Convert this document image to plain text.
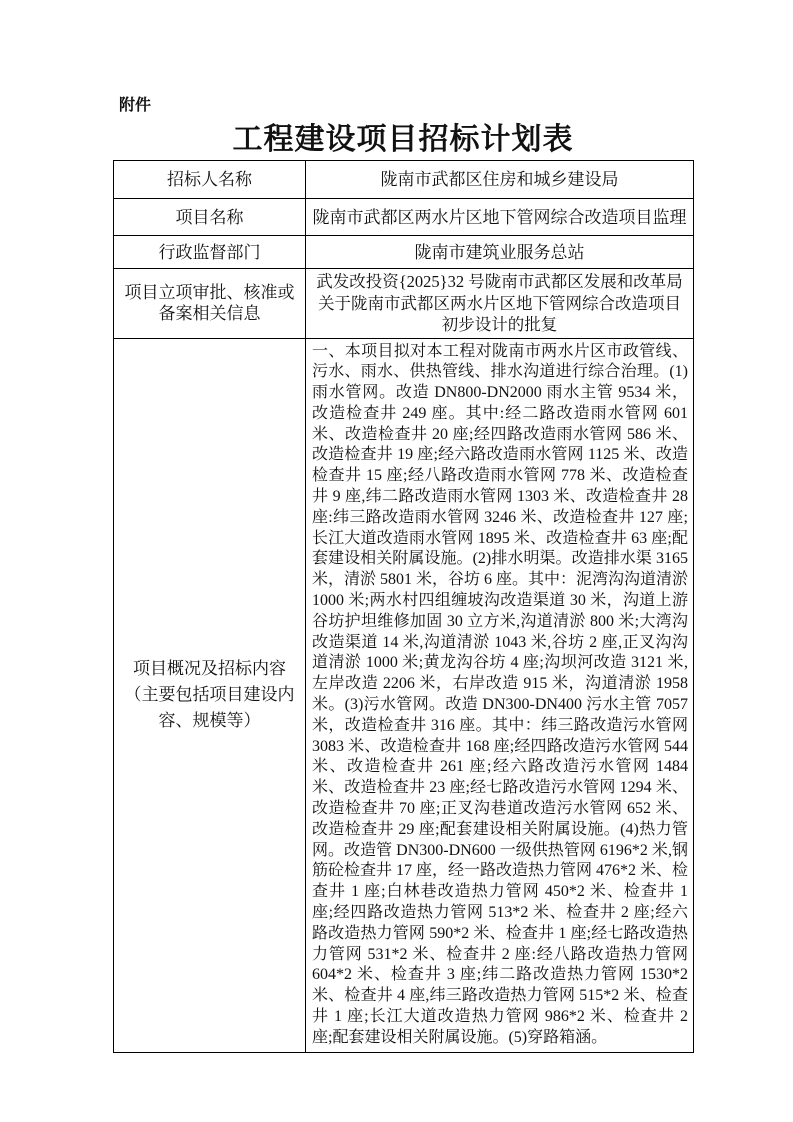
附件
工程建设项目招标计划表
招标人名称	陇南市武都区住房和城乡建设局
项目名称	陇南市武都区两水片区地下管网综合改造项目监理
行政监督部门	陇南市建筑业服务总站
项目立项审批、核准或备案相关信息	武发改投资{2025}32 号陇南市武都区发展和改革局关于陇南市武都区两水片区地下管网综合改造项目初步设计的批复
项目概况及招标内容（主要包括项目建设内容、规模等）	一、本项目拟对本工程对陇南市两水片区市政管线、污水、雨水、供热管线、排水沟道进行综合治理。(1)雨水管网。改造 DN800-DN2000 雨水主管 9534 米，改造检查井 249 座。其中:经二路改造雨水管网 601 米、改造检查井 20 座;经四路改造雨水管网 586 米、改造检查井 19 座;经六路改造雨水管网 1125 米、改造检查井 15 座;经八路改造雨水管网 778 米、改造检查井 9 座,纬二路改造雨水管网 1303 米、改造检查井 28 座:纬三路改造雨水管网 3246 米、改造检查井 127 座;长江大道改造雨水管网 1895 米、改造检查井 63 座;配套建设相关附属设施。(2)排水明渠。改造排水渠 3165 米，清淤 5801 米，谷坊 6 座。其中：泥湾沟沟道清淤 1000 米;两水村四组缠坡沟改造渠道 30 米，沟道上游谷坊护坦维修加固 30 立方米,沟道清淤 800 米;大湾沟改造渠道 14 米,沟道清淤 1043 米,谷坊 2 座,正叉沟沟道清淤 1000 米;黄龙沟谷坊 4 座;沟坝河改造 3121 米,左岸改造 2206 米，右岸改造 915 米，沟道清淤 1958 米。(3)污水管网。改造 DN300-DN400 污水主管 7057 米，改造检查井 316 座。其中：纬三路改造污水管网 3083 米、改造检查井 168 座;经四路改造污水管网 544 米、改造检查井 261 座;经六路改造污水管网 1484 米、改造检查井 23 座;经七路改造污水管网 1294 米、改造检查井 70 座;正叉沟巷道改造污水管网 652 米、改造检查井 29 座;配套建设相关附属设施。(4)热力管网。改造管 DN300-DN600 一级供热管网 6196*2 米,钢筋砼检查井 17 座，经一路改造热力管网 476*2 米、检查井 1 座;白林巷改造热力管网 450*2 米、检查井 1 座;经四路改造热力管网 513*2 米、检查井 2 座;经六路改造热力管网 590*2 米、检查井 1 座;经七路改造热力管网 531*2 米、检查井 2 座:经八路改造热力管网 604*2 米、检查井 3 座;纬二路改造热力管网 1530*2 米、检查井 4 座,纬三路改造热力管网 515*2 米、检查井 1 座;长江大道改造热力管网 986*2 米、检查井 2 座;配套建设相关附属设施。(5)穿路箱涵。
